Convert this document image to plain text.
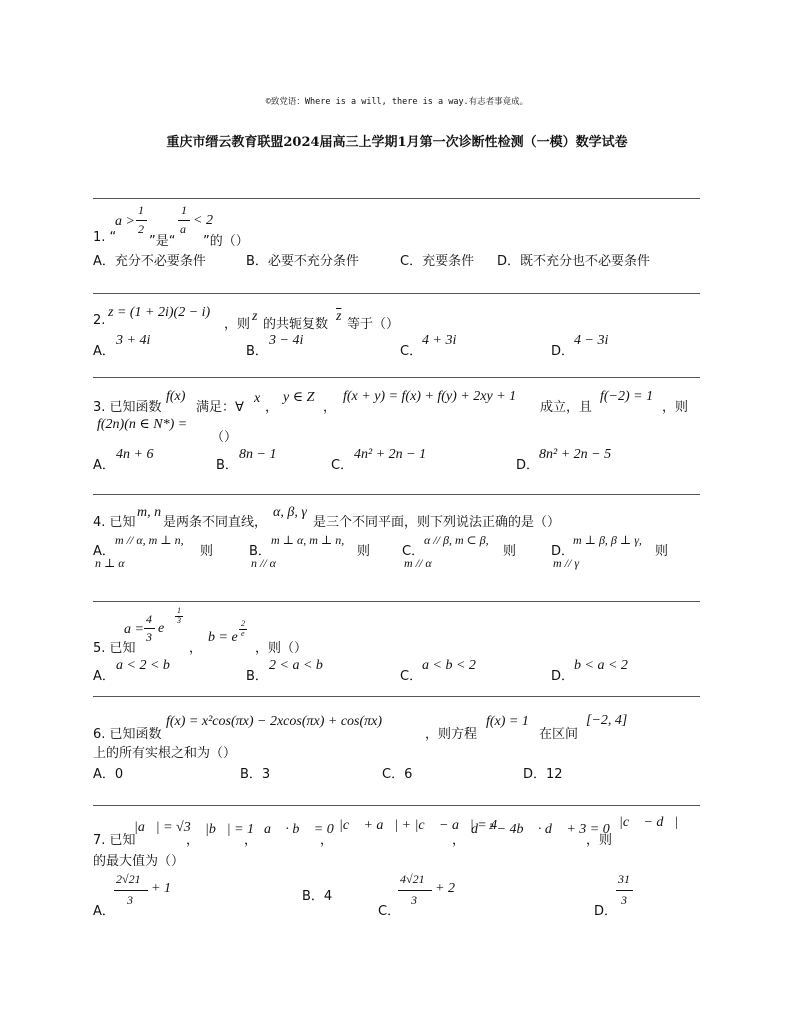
©致党语：Where is a will, there is a way.有志者事竟成。
重庆市缙云教育联盟2024届高三上学期1月第一次诊断性检测（一模）数学试卷
a >
1
2
1
a
< 2
1. “	”是“ ”的（）
A．充分不必要条件	B．必要不充分条件	C．充要条件 D．既不充分也不必要条件
2.
z = (1 + 2i)(2 − i)
，则
z
的共轭复数
$\overline{z}$
等于（）
A．
3 + 4i
B．
3 − 4i
C．
4 + 3i
D．
4 − 3i
3. 已知函数
f(x)
满足：∀
x
，
y ∈ Z
，
f(x + y) = f(x) + f(y) + 2xy + 1
成立，且
f(−2) = 1
，则
f(2n)(n ∈ N*) =
（）
A．
4n + 6
B．
8n − 1
C．
4n² + 2n − 1
D．
8n² + 2n − 5
4. 已知
m, n
是两条不同直线，
α, β, γ
是三个不同平面，则下列说法正确的是（）
A．
m // α, m ⊥ n,
则
n ⊥ α
B．
m ⊥ α, m ⊥ n,
则
n // α
C．
α // β, m ⊂ β,
则
m // α
D．
m ⊥ β, β ⊥ γ,
则
m // γ
5. 已知
a =
4
3
e
1
3
，
b = e
2
e
，则（）
A．
a < 2 < b
B．
2 < a < b
C．
a < b < 2
D．
b < a < 2
6. 已知函数
f(x) = x²cos(πx) − 2xcos(πx) + cos(πx)
，则方程
f(x) = 1
在区间
[−2, 4]
上的所有实根之和为（）
A．0	B．3	C．6	D．12
7. 已知
|a⃗| = √3
，
|b⃗| = 1
，
a⃗ · b⃗ = 0
，
|c⃗ + a⃗| + |c⃗ − a⃗| = 4
，
d⃗² − 4b⃗ · d⃗ + 3 = 0
，则
|c⃗ − d⃗|
的最大值为（）
A．
2√21
3
+ 1
B．4
C．
4√21
3
+ 2
D．
31
3
